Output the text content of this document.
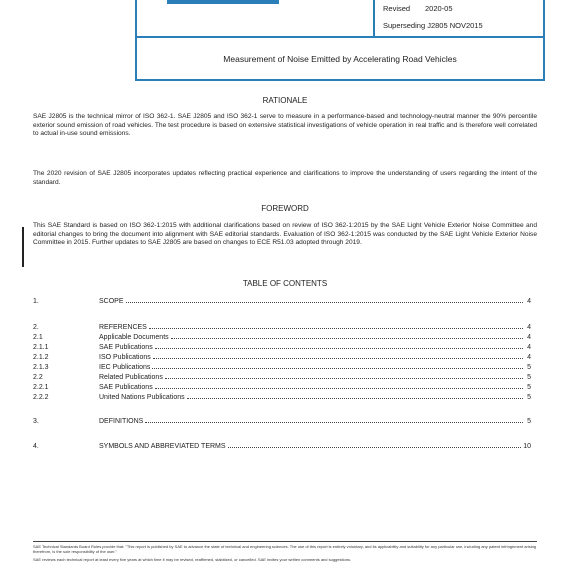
Revised 2020-05
Superseding J2805 NOV2015
Measurement of Noise Emitted by Accelerating Road Vehicles
RATIONALE

SAE J2805 is the technical mirror of ISO 362-1. SAE J2805 and ISO 362-1 serve to measure in a performance-based and technology-neutral manner the 90% percentile exterior sound emission of road vehicles. The test procedure is based on extensive statistical investigations of vehicle operation in real traffic and is therefore well correlated to actual in-use sound emissions.

The 2020 revision of SAE J2805 incorporates updates reflecting practical experience and clarifications to improve the understanding of users regarding the intent of the standard.

FOREWORD

This SAE Standard is based on ISO 362-1:2015 with additional clarifications based on review of ISO 362-1:2015 by the SAE Light Vehicle Exterior Noise Committee and editorial changes to bring the document into alignment with SAE editorial standards. Evaluation of ISO 362-1:2015 was conducted by the SAE Light Vehicle Exterior Noise Committee in 2015. Further updates to SAE J2805 are based on changes to ECE R51.03 adopted through 2019.

TABLE OF CONTENTS
1.	SCOPE	4
2.	REFERENCES	4
2.1	Applicable Documents	4
2.1.1	SAE Publications	4
2.1.2	ISO Publications	4
2.1.3	IEC Publications	5
2.2	Related Publications	5
2.2.1	SAE Publications	5
2.2.2	United Nations Publications	5
3.	DEFINITIONS	5
4.	SYMBOLS AND ABBREVIATED TERMS	10

SAE Technical Standards Board Rules provide that: "This report is published by SAE to advance the state of technical and engineering sciences. The use of this report is entirely voluntary, and its applicability and suitability for any particular use, including any patent infringement arising therefrom, is the sole responsibility of the user."

SAE reviews each technical report at least every five years at which time it may be revised, reaffirmed, stabilized, or cancelled. SAE invites your written comments and suggestions.
